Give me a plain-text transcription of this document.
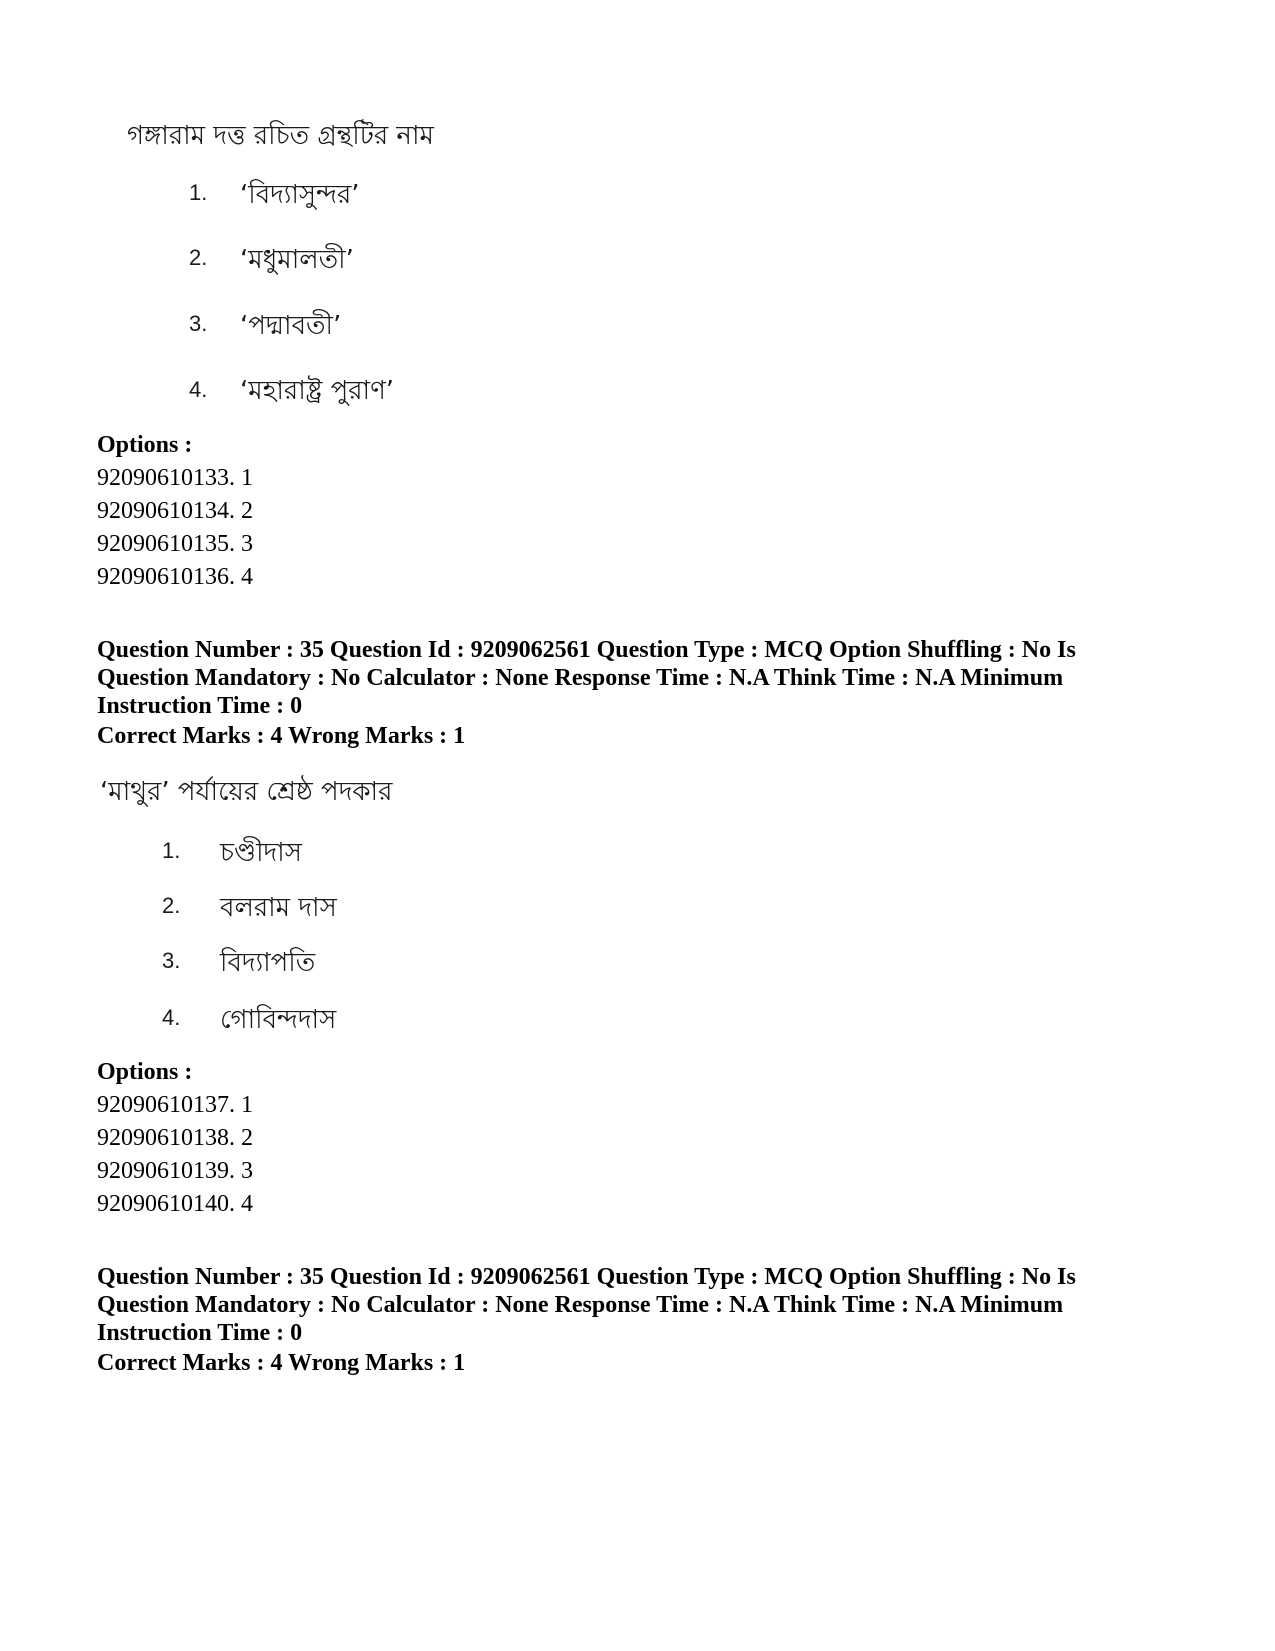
গঙ্গারাম দত্ত রচিত গ্রন্থটির নাম
1. ‘বিদ্যাসুন্দর’
2. ‘মধুমালতী’
3. ‘পদ্মাবতী’
4. ‘মহারাষ্ট্র পুরাণ’
Options :
92090610133. 1
92090610134. 2
92090610135. 3
92090610136. 4
Question Number : 35 Question Id : 9209062561 Question Type : MCQ Option Shuffling : No Is
Question Mandatory : No Calculator : None Response Time : N.A Think Time : N.A Minimum
Instruction Time : 0
Correct Marks : 4 Wrong Marks : 1
‘মাথুর’ পর্যায়ের শ্রেষ্ঠ পদকার
1. চণ্ডীদাস
2. বলরাম দাস
3. বিদ্যাপতি
4. গোবিন্দদাস
Options :
92090610137. 1
92090610138. 2
92090610139. 3
92090610140. 4
Question Number : 35 Question Id : 9209062561 Question Type : MCQ Option Shuffling : No Is
Question Mandatory : No Calculator : None Response Time : N.A Think Time : N.A Minimum
Instruction Time : 0
Correct Marks : 4 Wrong Marks : 1
